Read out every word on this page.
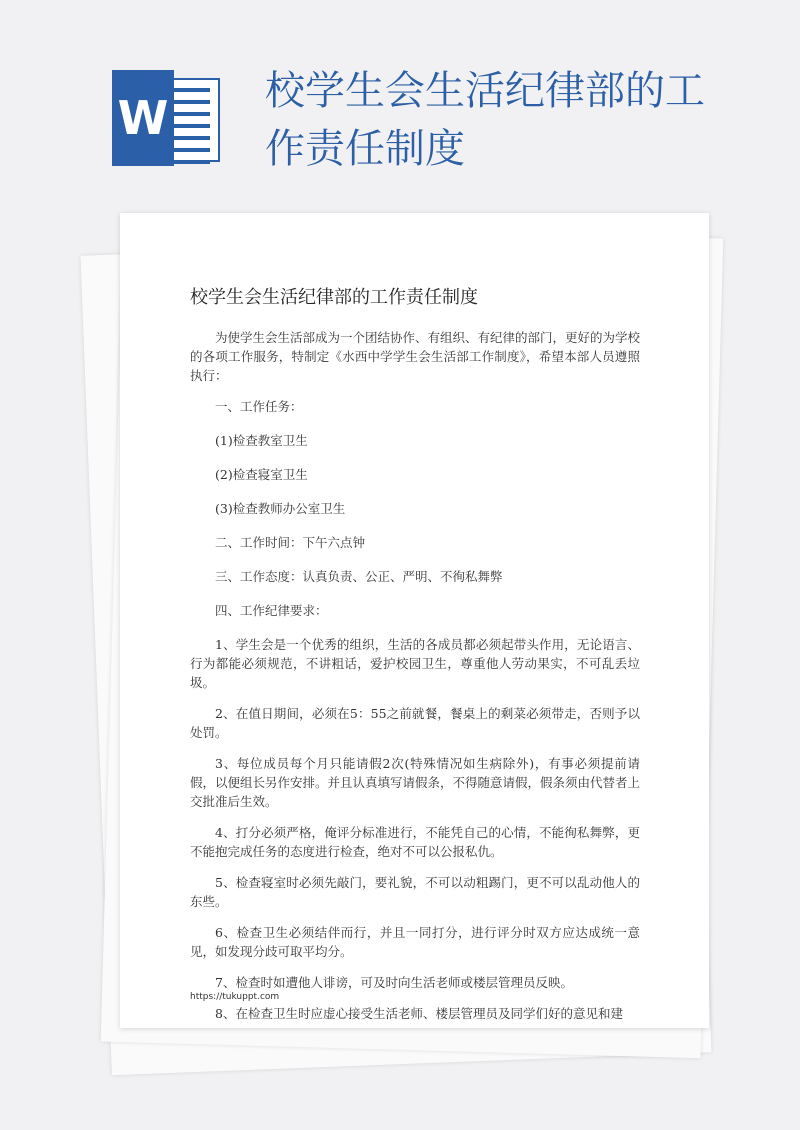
W 校学生会生活纪律部的工作责任制度
校学生会生活纪律部的工作责任制度

为使学生会生活部成为一个团结协作、有组织、有纪律的部门，更好的为学校的各项工作服务，特制定《水西中学学生会生活部工作制度》，希望本部人员遵照执行：

一、工作任务：

(1)检查教室卫生

(2)检查寝室卫生

(3)检查教师办公室卫生

二、工作时间：下午六点钟

三、工作态度：认真负责、公正、严明、不徇私舞弊

四、工作纪律要求：

1、学生会是一个优秀的组织，生活的各成员都必须起带头作用，无论语言、行为都能必须规范，不讲粗话，爱护校园卫生，尊重他人劳动果实，不可乱丢垃圾。

2、在值日期间，必须在5：55之前就餐，餐桌上的剩菜必须带走，否则予以处罚。

3、每位成员每个月只能请假2次(特殊情况如生病除外)，有事必须提前请假，以便组长另作安排。并且认真填写请假条，不得随意请假，假条须由代替者上交批准后生效。

4、打分必须严格，俺评分标准进行，不能凭自己的心情，不能徇私舞弊，更不能抱完成任务的态度进行检查，绝对不可以公报私仇。

5、检查寝室时必须先敲门，要礼貌，不可以动粗踢门，更不可以乱动他人的东些。

6、检查卫生必须结伴而行，并且一同打分，进行评分时双方应达成统一意见，如发现分歧可取平均分。

7、检查时如遭他人诽谤，可及时向生活老师或楼层管理员反映。

8、在检查卫生时应虚心接受生活老师、楼层管理员及同学们好的意见和建

https://tukuppt.com
